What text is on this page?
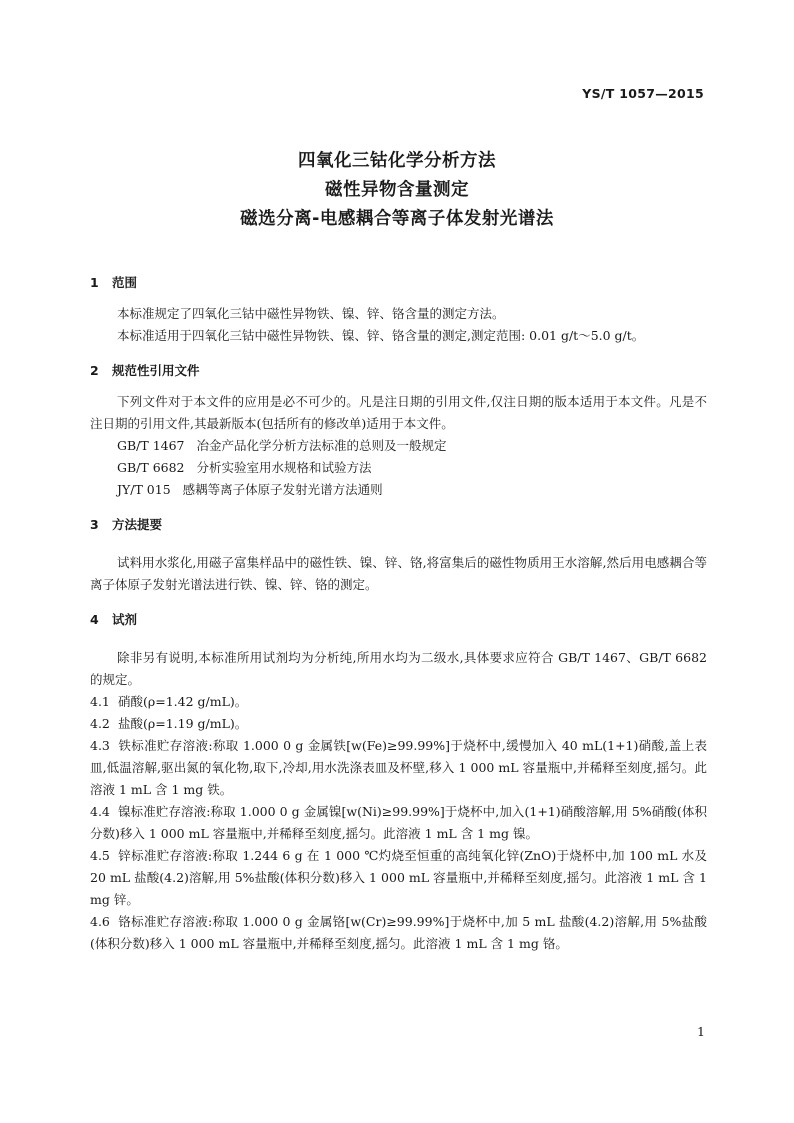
YS/T 1057—2015
四氧化三钴化学分析方法
磁性异物含量测定
磁选分离-电感耦合等离子体发射光谱法
1 范围
本标准规定了四氧化三钴中磁性异物铁、镍、锌、铬含量的测定方法。
本标准适用于四氧化三钴中磁性异物铁、镍、锌、铬含量的测定,测定范围: 0.01 g/t～5.0 g/t。
2 规范性引用文件
下列文件对于本文件的应用是必不可少的。凡是注日期的引用文件,仅注日期的版本适用于本文件。凡是不注日期的引用文件,其最新版本(包括所有的修改单)适用于本文件。
GB/T 1467 冶金产品化学分析方法标准的总则及一般规定
GB/T 6682 分析实验室用水规格和试验方法
JY/T 015 感耦等离子体原子发射光谱方法通则
3 方法提要
试料用水浆化,用磁子富集样品中的磁性铁、镍、锌、铬,将富集后的磁性物质用王水溶解,然后用电感耦合等离子体原子发射光谱法进行铁、镍、锌、铬的测定。
4 试剂
除非另有说明,本标准所用试剂均为分析纯,所用水均为二级水,具体要求应符合 GB/T 1467、GB/T 6682 的规定。
4.1 硝酸(ρ=1.42 g/mL)。
4.2 盐酸(ρ=1.19 g/mL)。
4.3 铁标准贮存溶液:称取 1.000 0 g 金属铁[w(Fe)≥99.99%]于烧杯中,缓慢加入 40 mL(1+1)硝酸,盖上表皿,低温溶解,驱出氮的氧化物,取下,冷却,用水洗涤表皿及杯壁,移入 1 000 mL 容量瓶中,并稀释至刻度,摇匀。此溶液 1 mL 含 1 mg 铁。
4.4 镍标准贮存溶液:称取 1.000 0 g 金属镍[w(Ni)≥99.99%]于烧杯中,加入(1+1)硝酸溶解,用 5%硝酸(体积分数)移入 1 000 mL 容量瓶中,并稀释至刻度,摇匀。此溶液 1 mL 含 1 mg 镍。
4.5 锌标准贮存溶液:称取 1.244 6 g 在 1 000 ℃灼烧至恒重的高纯氧化锌(ZnO)于烧杯中,加 100 mL 水及 20 mL 盐酸(4.2)溶解,用 5%盐酸(体积分数)移入 1 000 mL 容量瓶中,并稀释至刻度,摇匀。此溶液 1 mL 含 1 mg 锌。
4.6 铬标准贮存溶液:称取 1.000 0 g 金属铬[w(Cr)≥99.99%]于烧杯中,加 5 mL 盐酸(4.2)溶解,用 5%盐酸(体积分数)移入 1 000 mL 容量瓶中,并稀释至刻度,摇匀。此溶液 1 mL 含 1 mg 铬。
1
